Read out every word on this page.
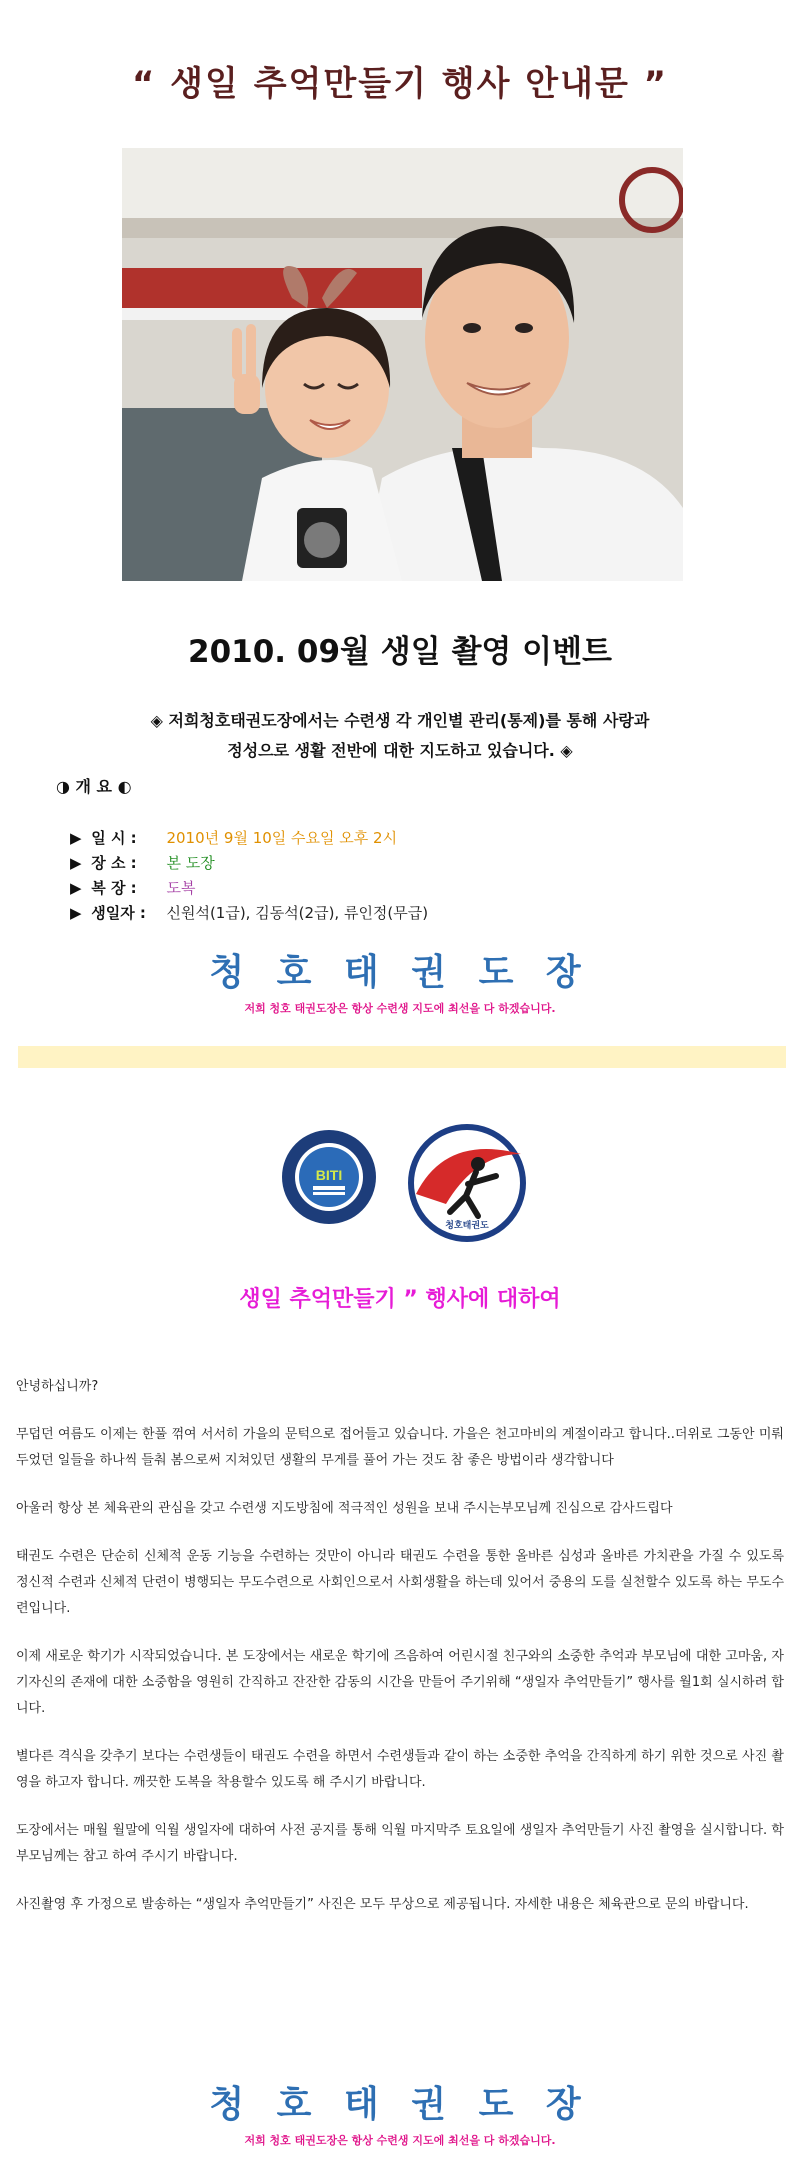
“ 생일 추억만들기 행사 안내문 ”
2010. 09월 생일 촬영 이벤트
◈ 저희청호태권도장에서는 수련생 각 개인별 관리(통제)를 통해 사랑과
정성으로 생활 전반에 대한 지도하고 있습니다. ◈
◑ 개 요 ◐
▶ 일 시 : 2010년 9월 10일 수요일 오후 2시
▶ 장 소 : 본 도장
▶ 복 장 : 도복
▶ 생일자 : 신원석(1급), 김동석(2급), 류인정(무급)
청 호 태 권 도 장
저희 청호 태권도장은 항상 수련생 지도에 최선을 다 하겠습니다.
BITI
청호태권도
생일 추억만들기 ” 행사에 대하여

안녕하십니까?

무덥던 여름도 이제는 한풀 꺾여 서서히 가을의 문턱으로 접어들고 있습니다. 가을은 천고마비의 계절이라고 합니다..더위로 그동안 미뤄 두었던 일들을 하나씩 들춰 봄으로써 지쳐있던 생활의 무게를 풀어 가는 것도 참 좋은 방법이라 생각합니다

아울러 항상 본 체육관의 관심을 갖고 수련생 지도방침에 적극적인 성원을 보내 주시는부모님께 진심으로 감사드립다

태권도 수련은 단순히 신체적 운동 기능을 수련하는 것만이 아니라 태권도 수련을 통한 올바른 심성과 올바른 가치관을 가질 수 있도록 정신적 수련과 신체적 단련이 병행되는 무도수련으로 사회인으로서 사회생활을 하는데 있어서 중용의 도를 실천할수 있도록 하는 무도수련입니다.

이제 새로운 학기가 시작되었습니다. 본 도장에서는 새로운 학기에 즈음하여 어린시절 친구와의 소중한 추억과 부모님에 대한 고마움, 자기자신의 존재에 대한 소중함을 영원히 간직하고 잔잔한 감동의 시간을 만들어 주기위해 “생일자 추억만들기” 행사를 월1회 실시하려 합니다.

별다른 격식을 갖추기 보다는 수련생들이 태권도 수련을 하면서 수련생들과 같이 하는 소중한 추억을 간직하게 하기 위한 것으로 사진 촬영을 하고자 합니다. 깨끗한 도복을 착용할수 있도록 해 주시기 바랍니다.

도장에서는 매월 월말에 익월 생일자에 대하여 사전 공지를 통해 익월 마지막주 토요일에 생일자 추억만들기 사진 촬영을 실시합니다. 학부모님께는 참고 하여 주시기 바랍니다.

사진촬영 후 가정으로 발송하는 “생일자 추억만들기” 사진은 모두 무상으로 제공됩니다. 자세한 내용은 체육관으로 문의 바랍니다.

청 호 태 권 도 장
저희 청호 태권도장은 항상 수련생 지도에 최선을 다 하겠습니다.
